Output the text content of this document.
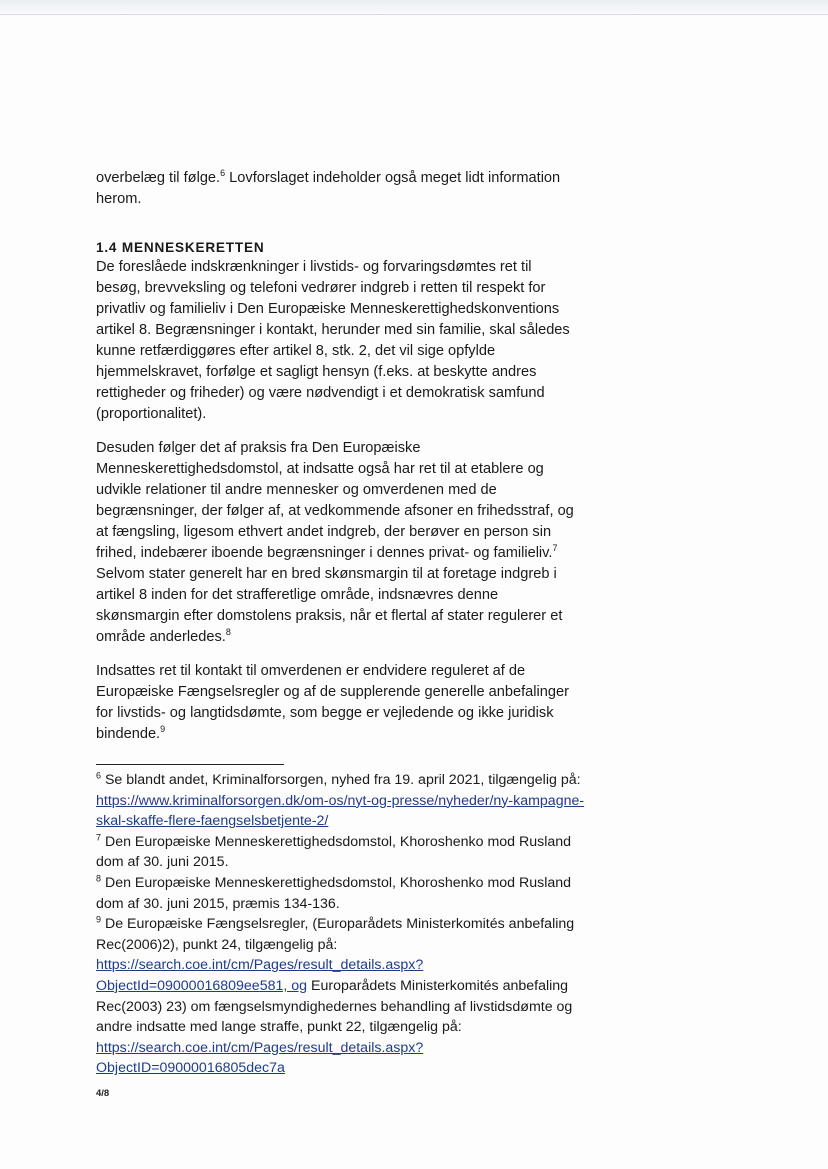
overbelæg til følge.$^6$ Lovforslaget indeholder også meget lidt information herom.

1.4 MENNESKERETTEN

De foreslåede indskrænkninger i livstids- og forvaringsdømtes ret til besøg, brevveksling og telefoni vedrører indgreb i retten til respekt for privatliv og familieliv i Den Europæiske Menneskerettighedskonventions artikel 8. Begrænsninger i kontakt, herunder med sin familie, skal således kunne retfærdiggøres efter artikel 8, stk. 2, det vil sige opfylde hjemmelskravet, forfølge et sagligt hensyn (f.eks. at beskytte andres rettigheder og friheder) og være nødvendigt i et demokratisk samfund (proportionalitet).

Desuden følger det af praksis fra Den Europæiske Menneskerettighedsdomstol, at indsatte også har ret til at etablere og udvikle relationer til andre mennesker og omverdenen med de begrænsninger, der følger af, at vedkommende afsoner en frihedsstraf, og at fængsling, ligesom ethvert andet indgreb, der berøver en person sin frihed, indebærer iboende begrænsninger i dennes privat- og familieliv.$^7$ Selvom stater generelt har en bred skønsmargin til at foretage indgreb i artikel 8 inden for det strafferetlige område, indsnævres denne skønsmargin efter domstolens praksis, når et flertal af stater regulerer et område anderledes.$^8$

Indsattes ret til kontakt til omverdenen er endvidere reguleret af de Europæiske Fængselsregler og af de supplerende generelle anbefalinger for livstids- og langtidsdømte, som begge er vejledende og ikke juridisk bindende.$^9$

$^6$ Se blandt andet, Kriminalforsorgen, nyhed fra 19. april 2021, tilgængelig på: https://www.kriminalforsorgen.dk/om-os/nyt-og-presse/nyheder/ny-kampagne-skal-skaffe-flere-faengselsbetjente-2/

$^7$ Den Europæiske Menneskerettighedsdomstol, Khoroshenko mod Rusland dom af 30. juni 2015.

$^8$ Den Europæiske Menneskerettighedsdomstol, Khoroshenko mod Rusland dom af 30. juni 2015, præmis 134-136.

$^9$ De Europæiske Fængselsregler, (Europarådets Ministerkomités anbefaling Rec(2006)2), punkt 24, tilgængelig på: https://search.coe.int/cm/Pages/result_details.aspx?ObjectId=09000016809ee581, og Europarådets Ministerkomités anbefaling Rec(2003) 23) om fængselsmyndighedernes behandling af livstidsdømte og andre indsatte med lange straffe, punkt 22, tilgængelig på: https://search.coe.int/cm/Pages/result_details.aspx?ObjectID=09000016805dec7a

4/8
